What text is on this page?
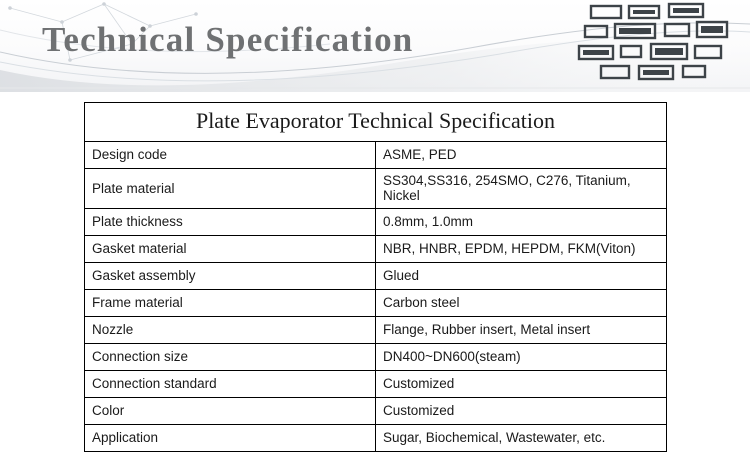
Plate Evaporator Technical Specification	
Design code	ASME, PED
Plate material	SS304,SS316, 254SMO, C276, Titanium, Nickel
Plate thickness	0.8mm, 1.0mm
Gasket material	NBR, HNBR, EPDM, HEPDM, FKM(Viton)
Gasket assembly	Glued
Frame material	Carbon steel
Nozzle	Flange, Rubber insert, Metal insert
Connection size	DN400~DN600(steam)
Connection standard	Customized
Color	Customized
Application	Sugar, Biochemical, Wastewater, etc.
Technical Specification
